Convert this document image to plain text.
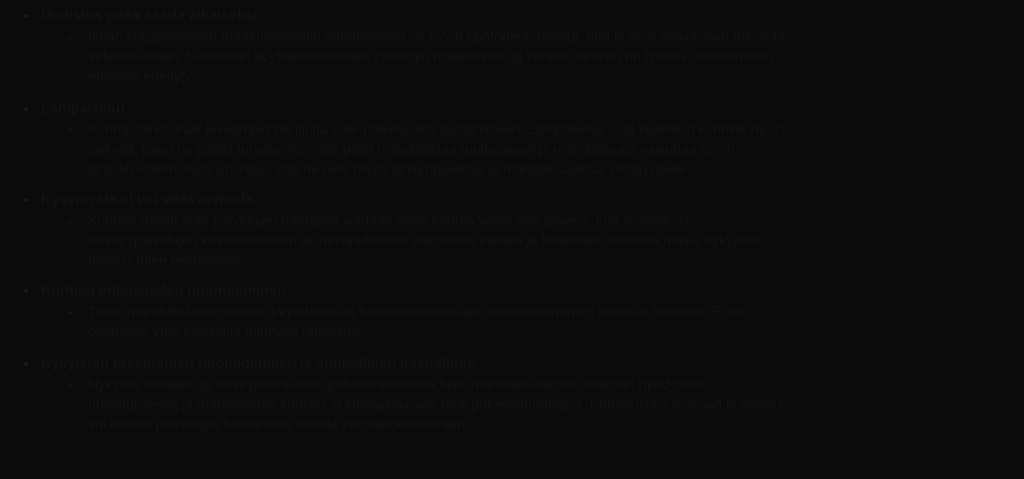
Uudistus pitää saada aikaiseksi
➢ Ilman laajapohjaisen maakuntamallin toteuttamista on hyvin epätodennäköistä, että kunnat selviäisivät tulevista
velvoitteistaan. Saumaton ja yhdenmukainen yhteistyö maakunnan ja kuntien kesken on työssä onnistumisen
ehdoton edellytys.
Lähipalvelut
➢ Kunnat tarvitsevat leveämpiä hartijoita sote-palveluiden tuottamiseen. Lähipalvelut ovat kuitenkin kunnille hyvin
tärkeitä, joten ne pitäisi turvata. Kunnille pitää mahdollistaa tuottajarooli ja mahdollisuus vaikuttaa omiin
lähipalveluihin. Aina unohtuu, että ne ovat myös lähityöpaikkoja ja mahdollisuuksia yrittäjyydelle.
Kysymystä ei voi vielä arvioida
➢ Kuntien rooliin sote-palvelujen tuottajina voidaan ottaa kantaa vasta sen jälkeen, kun sosiaali- ja
terveyspalvelujen kokonaisuuden ja lainsäädännön valmistelu etenee ja tiedetään, millaista mallia nykyinen
hallitus tulee esittämään.
Kuntien erilaisuuden huomioiminen
➢ Tulee mahdollistaa erilaisten järjestämis-ja tuottamisratkaisujen toteuttaminen eri puolella Suomea. Ei ole
olemassa yhtä kaikkialla toimivaa ratkaisua.
Nykyisten rakenteiden huomioiminen ja kunnallinen itsehallinto
➢ Nykyisiä sosiaali- ja terveydenhuolion palvelurakenteita tulisi mahdollisuuksien mukaan hyödyntää
uudistuksessa ja mahdollistaa kuntien ja kuntayhtymien rooli palveluntuottajina. Perustuslain mukaan kunnilta ei
voi kieltää palvelujen tuottamista omalla verorahoituksellaan.
